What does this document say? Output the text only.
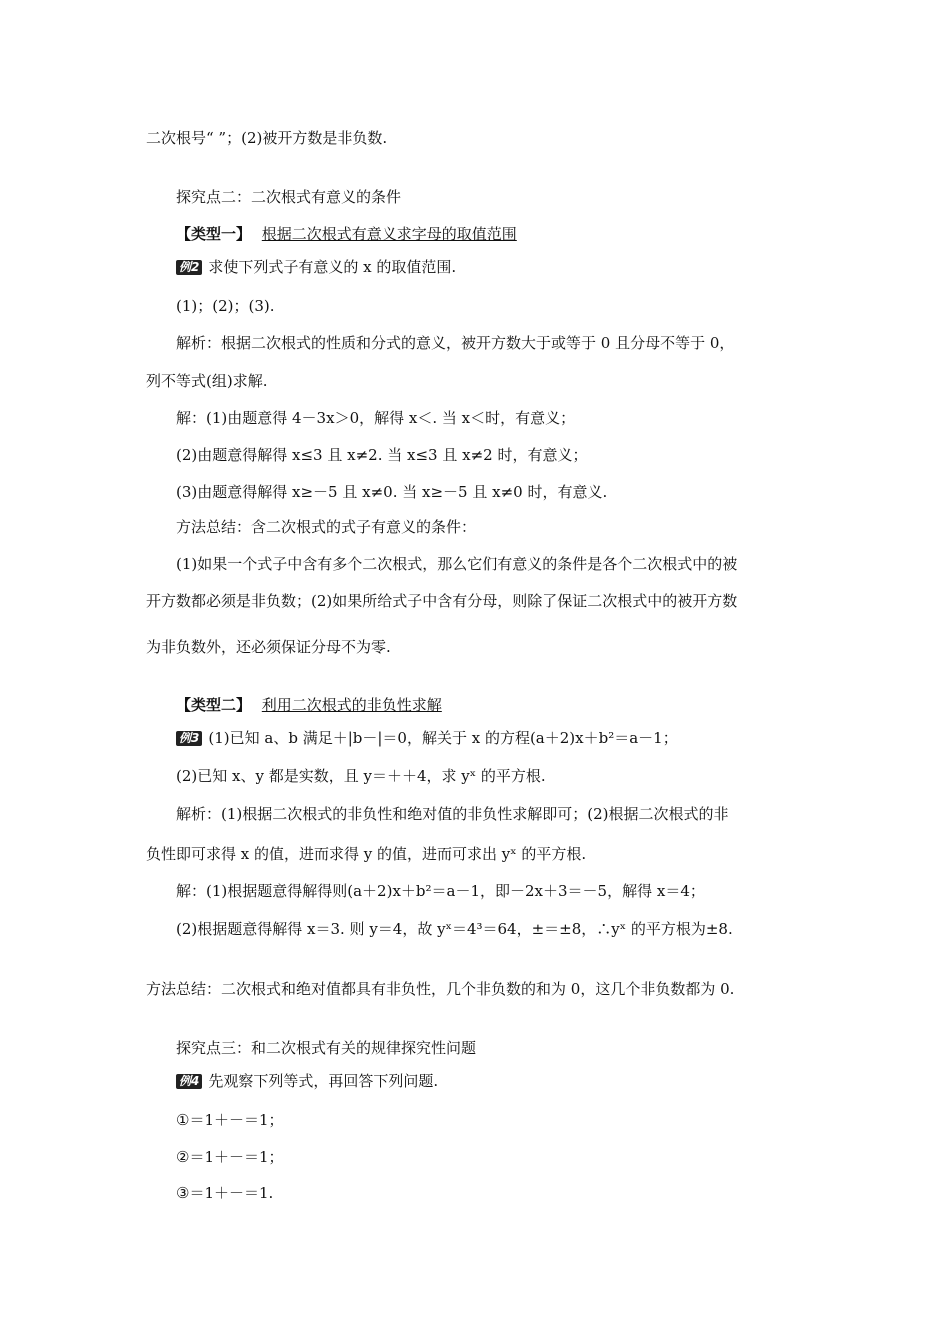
二次根号“ ”；(2)被开方数是非负数.
探究点二：二次根式有意义的条件
【类型一】 根据二次根式有意义求字母的取值范围
例2 求使下列式子有意义的 x 的取值范围.
(1)；(2)；(3).
解析：根据二次根式的性质和分式的意义，被开方数大于或等于 0 且分母不等于 0，
列不等式(组)求解.
解：(1)由题意得 4－3x＞0，解得 x＜. 当 x＜时，有意义；
(2)由题意得解得 x≤3 且 x≠2. 当 x≤3 且 x≠2 时，有意义；
(3)由题意得解得 x≥－5 且 x≠0. 当 x≥－5 且 x≠0 时，有意义.
方法总结：含二次根式的式子有意义的条件：
(1)如果一个式子中含有多个二次根式，那么它们有意义的条件是各个二次根式中的被
开方数都必须是非负数；(2)如果所给式子中含有分母，则除了保证二次根式中的被开方数
为非负数外，还必须保证分母不为零.
【类型二】 利用二次根式的非负性求解
例3 (1)已知 a、b 满足＋|b－|＝0，解关于 x 的方程(a＋2)x＋b²＝a－1；
(2)已知 x、y 都是实数，且 y＝＋＋4，求 yˣ 的平方根.
解析：(1)根据二次根式的非负性和绝对值的非负性求解即可；(2)根据二次根式的非
负性即可求得 x 的值，进而求得 y 的值，进而可求出 yˣ 的平方根.
解：(1)根据题意得解得则(a＋2)x＋b²＝a－1，即－2x＋3＝－5，解得 x＝4；
(2)根据题意得解得 x＝3. 则 y＝4，故 yˣ＝4³＝64，±＝±8，∴yˣ 的平方根为±8.
方法总结：二次根式和绝对值都具有非负性，几个非负数的和为 0，这几个非负数都为 0.
探究点三：和二次根式有关的规律探究性问题
例4 先观察下列等式，再回答下列问题.
①＝1＋－＝1；
②＝1＋－＝1；
③＝1＋－＝1.
